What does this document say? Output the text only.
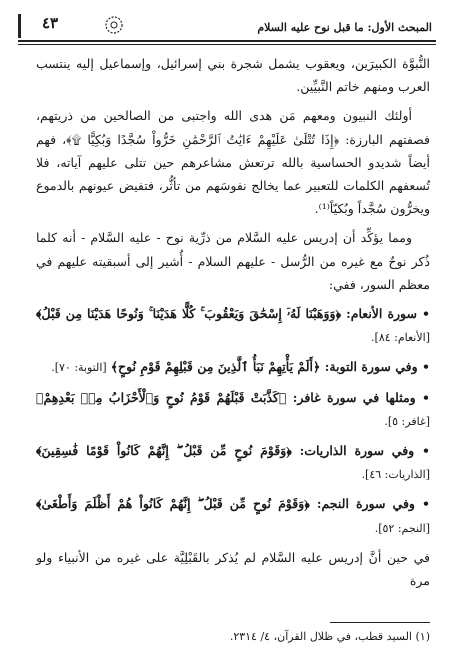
٤٣	المبحث الأول: ما قبل نوح عليه السلام

النُّبوَّة الكبيرَين، ويعقوب يشمل شجرة بني إسرائيل، وإسماعيل إليه ينتسب العرب ومنهم خاتم النَّبيِّين.

أولئك النبيون ومعهم مَن هدى الله واجتبى من الصالحين من ذريتهم، فصفتهم البارزة: ﴿إِذَا تُتْلَىٰ عَلَيْهِمْ ءَايَٰتُ ٱلرَّحْمَٰنِ خَرُّواْ سُجَّدًا وَبُكِيًّا ۩﴾، فهم أيضاً شديدو الحساسية بالله ترتعش مشاعرهم حين تتلى عليهم آياته، فلا تُسعفهم الكلمات للتعبير عما يخالج نفوسَهم من تأثُّر، فتفيض عيونهم بالدموع ويخرُّون سُجَّداً وبُكيّاً⁽¹⁾.

ومما يؤكِّد أن إدريس عليه السَّلام من ذرِّية نوح - عليه السَّلام - أنه كلما ذُكر نوحٌ مع غيره من الرُّسل - عليهم السلام - أُشير إلى أسبقيته عليهم في معظم السور، ففي:

• سورة الأنعام: ﴿وَوَهَبْنَا لَهُۥٓ إِسْحَٰقَ وَيَعْقُوبَ ۚ كُلًّا هَدَيْنَا ۚ وَنُوحًا هَدَيْنَا مِن قَبْلُ﴾ [الأنعام: ٨٤].

• وفي سورة التوبة: ﴿أَلَمْ يَأْتِهِمْ نَبَأُ ٱلَّذِينَ مِن قَبْلِهِمْ قَوْمِ نُوحٍ﴾ [التوبة: ٧٠].

• ومثلها في سورة غافر: ﴿كَذَّبَتْ قَبْلَهُمْ قَوْمُ نُوحٍ وَٱلْأَحْزَابُ مِنۢ بَعْدِهِمْ﴾ [غافر: ٥].

• وفي سورة الذاريات: ﴿وَقَوْمَ نُوحٍ مِّن قَبْلُ ۖ إِنَّهُمْ كَانُواْ قَوْمًا فَٰسِقِينَ﴾ [الذاريات: ٤٦].

• وفي سورة النجم: ﴿وَقَوْمَ نُوحٍ مِّن قَبْلُ ۖ إِنَّهُمْ كَانُواْ هُمْ أَظْلَمَ وَأَطْغَىٰ﴾ [النجم: ٥٢].

في حين أنَّ إدريس عليه السَّلام لم يُذكر بالقَبْلِيَّة على غيره من الأنبياء ولو مرة

(١) السيد قطب، في ظلال القرآن، ٤/ ٢٣١٤.
